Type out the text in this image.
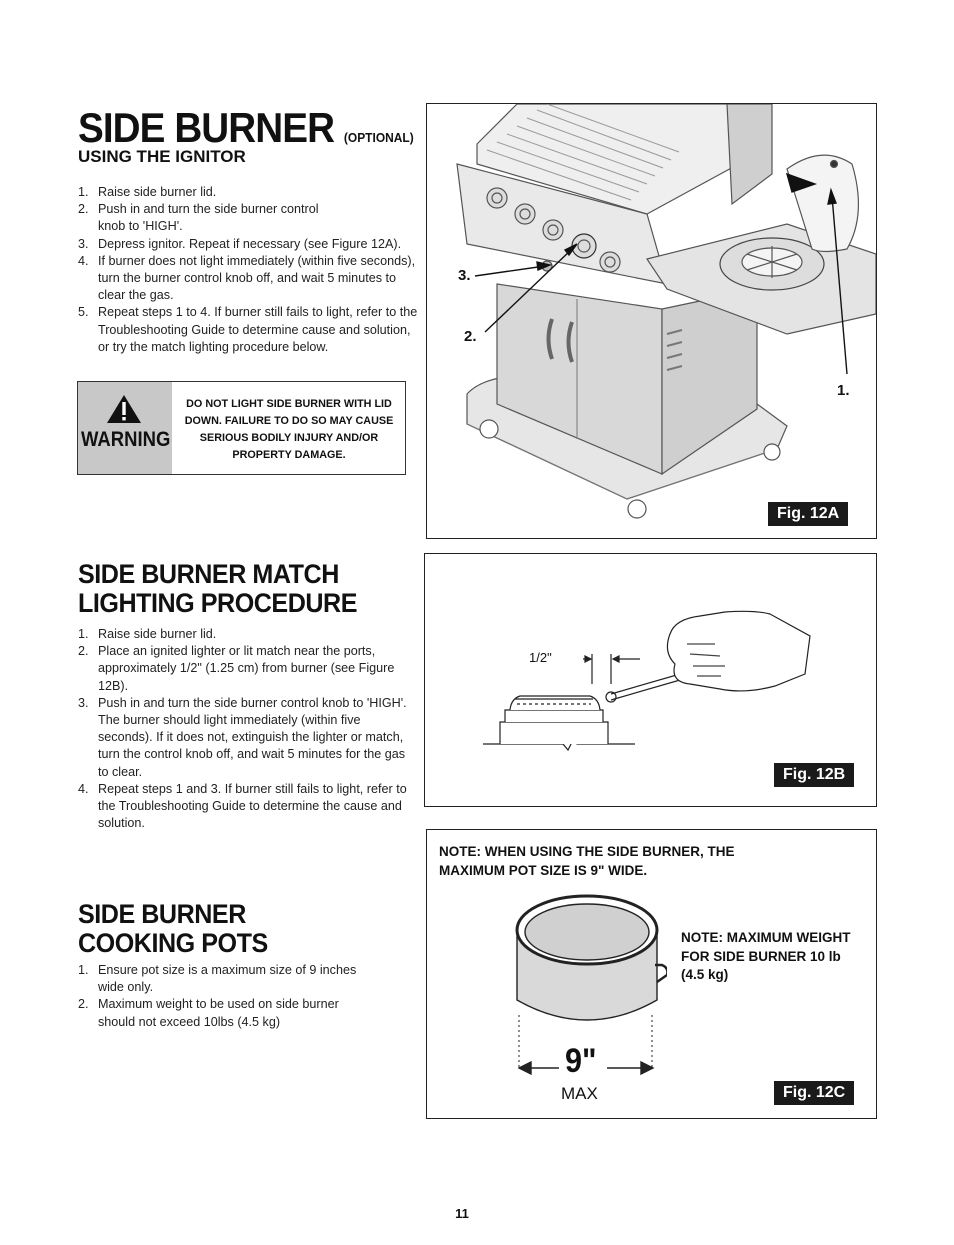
SIDE BURNER (OPTIONAL)
USING THE IGNITOR
1. Raise side burner lid.
2. Push in and turn the side burner control knob to 'HIGH'.
3. Depress ignitor. Repeat if necessary (see Figure 12A).
4. If burner does not light immediately (within five seconds), turn the burner control knob off, and wait 5 minutes to clear the gas.
5. Repeat steps 1 to 4. If burner still fails to light, refer to the Troubleshooting Guide to determine cause and solution, or try the match lighting procedure below.
WARNING
DO NOT LIGHT SIDE BURNER WITH LID DOWN. FAILURE TO DO SO MAY CAUSE SERIOUS BODILY INJURY AND/OR PROPERTY DAMAGE.
SIDE BURNER MATCH
LIGHTING PROCEDURE
1. Raise side burner lid.
2. Place an ignited lighter or lit match near the ports, approximately 1/2" (1.25 cm) from burner (see Figure 12B).
3. Push in and turn the side burner control knob to 'HIGH'. The burner should light immediately (within five seconds). If it does not, extinguish the lighter or match, turn the control knob off, and wait 5 minutes for the gas to clear.
4. Repeat steps 1 and 3. If burner still fails to light, refer to the Troubleshooting Guide to determine the cause and solution.
SIDE BURNER
COOKING POTS
1. Ensure pot size is a maximum size of 9 inches wide only.
2. Maximum weight to be used on side burner should not exceed 10lbs (4.5 kg)
3.
2.
1.
Fig. 12A
1/2"
Fig. 12B
NOTE: WHEN USING THE SIDE BURNER, THE MAXIMUM POT SIZE IS 9" WIDE.
9"
MAX
NOTE: MAXIMUM WEIGHT FOR SIDE BURNER 10 lb (4.5 kg)
Fig. 12C
11
